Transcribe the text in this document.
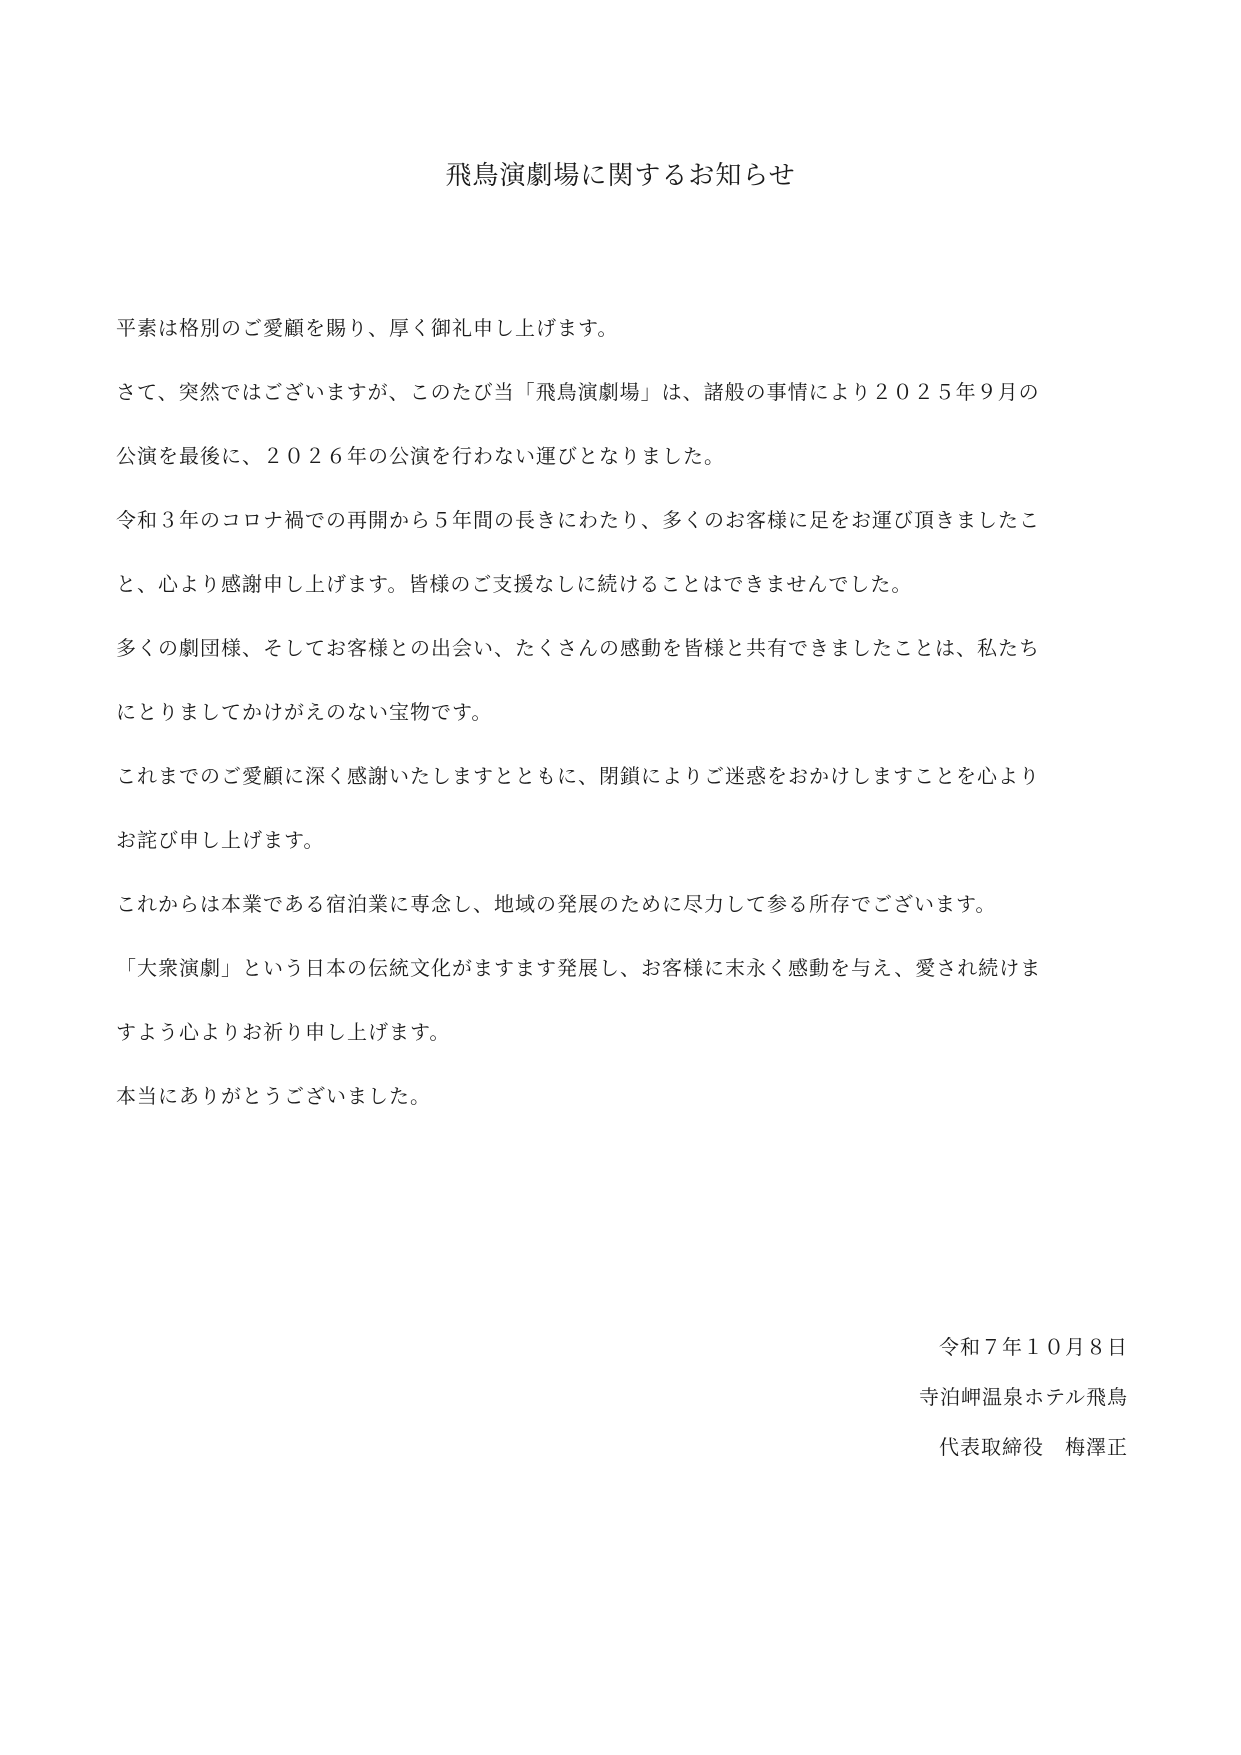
飛鳥演劇場に関するお知らせ

平素は格別のご愛顧を賜り、厚く御礼申し上げます。

さて、突然ではございますが、このたび当「飛鳥演劇場」は、諸般の事情により２０２５年９月の

公演を最後に、２０２６年の公演を行わない運びとなりました。

令和３年のコロナ禍での再開から５年間の長きにわたり、多くのお客様に足をお運び頂きましたこ

と、心より感謝申し上げます。皆様のご支援なしに続けることはできませんでした。

多くの劇団様、そしてお客様との出会い、たくさんの感動を皆様と共有できましたことは、私たち

にとりましてかけがえのない宝物です。

これまでのご愛顧に深く感謝いたしますとともに、閉鎖によりご迷惑をおかけしますことを心より

お詫び申し上げます。

これからは本業である宿泊業に専念し、地域の発展のために尽力して参る所存でございます。

「大衆演劇」という日本の伝統文化がますます発展し、お客様に末永く感動を与え、愛され続けま

すよう心よりお祈り申し上げます。

本当にありがとうございました。

令和７年１０月８日
寺泊岬温泉ホテル飛鳥
代表取締役　梅澤正
